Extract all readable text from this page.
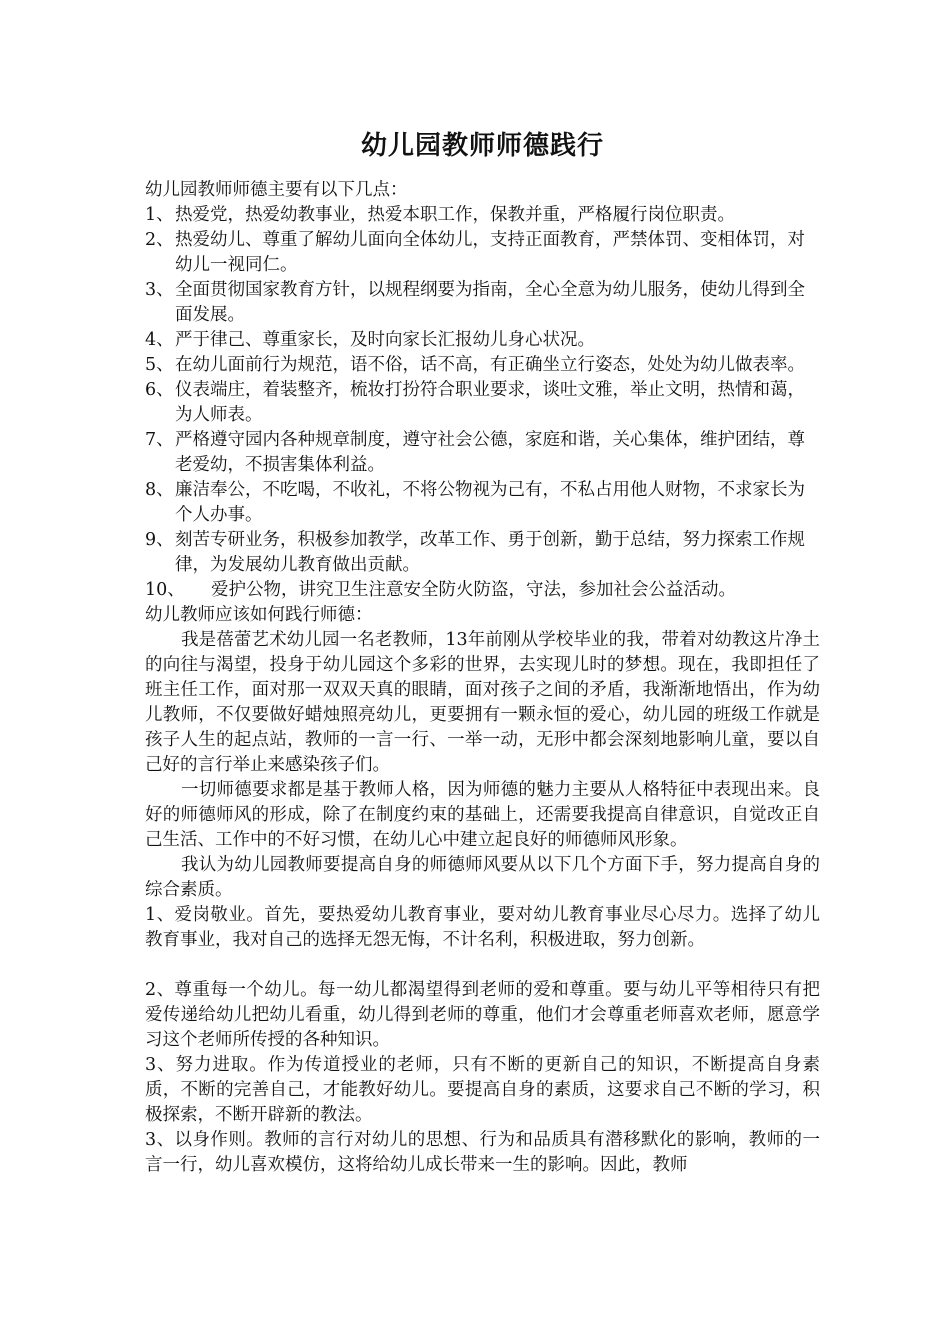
幼儿园教师师德践行
幼儿园教师师德主要有以下几点：
1、 热爱党，热爱幼教事业，热爱本职工作，保教并重，严格履行岗位职责。
2、 热爱幼儿、尊重了解幼儿面向全体幼儿，支持正面教育，严禁体罚、变相体罚，对幼儿一视同仁。
3、 全面贯彻国家教育方针，以规程纲要为指南，全心全意为幼儿服务，使幼儿得到全面发展。
4、 严于律己、尊重家长，及时向家长汇报幼儿身心状况。
5、 在幼儿面前行为规范，语不俗，话不高，有正确坐立行姿态，处处为幼儿做表率。
6、 仪表端庄，着装整齐，梳妆打扮符合职业要求，谈吐文雅，举止文明，热情和蔼，为人师表。
7、 严格遵守园内各种规章制度，遵守社会公德，家庭和谐，关心集体，维护团结，尊老爱幼，不损害集体利益。
8、 廉洁奉公，不吃喝，不收礼，不将公物视为己有，不私占用他人财物，不求家长为个人办事。
9、 刻苦专研业务，积极参加教学，改革工作、勇于创新，勤于总结，努力探索工作规律，为发展幼儿教育做出贡献。
10、	爱护公物，讲究卫生注意安全防火防盗，守法，参加社会公益活动。
幼儿教师应该如何践行师德：
我是蓓蕾艺术幼儿园一名老教师，13年前刚从学校毕业的我，带着对幼教这片净土的向往与渴望，投身于幼儿园这个多彩的世界，去实现儿时的梦想。现在，我即担任了班主任工作，面对那一双双天真的眼睛，面对孩子之间的矛盾，我渐渐地悟出，作为幼儿教师，不仅要做好蜡烛照亮幼儿，更要拥有一颗永恒的爱心，幼儿园的班级工作就是孩子人生的起点站，教师的一言一行、一举一动，无形中都会深刻地影响儿童，要以自己好的言行举止来感染孩子们。
一切师德要求都是基于教师人格，因为师德的魅力主要从人格特征中表现出来。良好的师德师风的形成，除了在制度约束的基础上，还需要我提高自律意识，自觉改正自己生活、工作中的不好习惯，在幼儿心中建立起良好的师德师风形象。
我认为幼儿园教师要提高自身的师德师风要从以下几个方面下手，努力提高自身的综合素质。
1、爱岗敬业。首先，要热爱幼儿教育事业，要对幼儿教育事业尽心尽力。选择了幼儿教育事业，我对自己的选择无怨无悔，不计名利，积极进取，努力创新。
2、尊重每一个幼儿。每一幼儿都渴望得到老师的爱和尊重。要与幼儿平等相待只有把爱传递给幼儿把幼儿看重，幼儿得到老师的尊重，他们才会尊重老师喜欢老师，愿意学习这个老师所传授的各种知识。
3、努力进取。作为传道授业的老师，只有不断的更新自己的知识，不断提高自身素质，不断的完善自己，才能教好幼儿。要提高自身的素质，这要求自己不断的学习，积极探索，不断开辟新的教法。
3、以身作则。教师的言行对幼儿的思想、行为和品质具有潜移默化的影响，教师的一言一行，幼儿喜欢模仿，这将给幼儿成长带来一生的影响。因此，教师
